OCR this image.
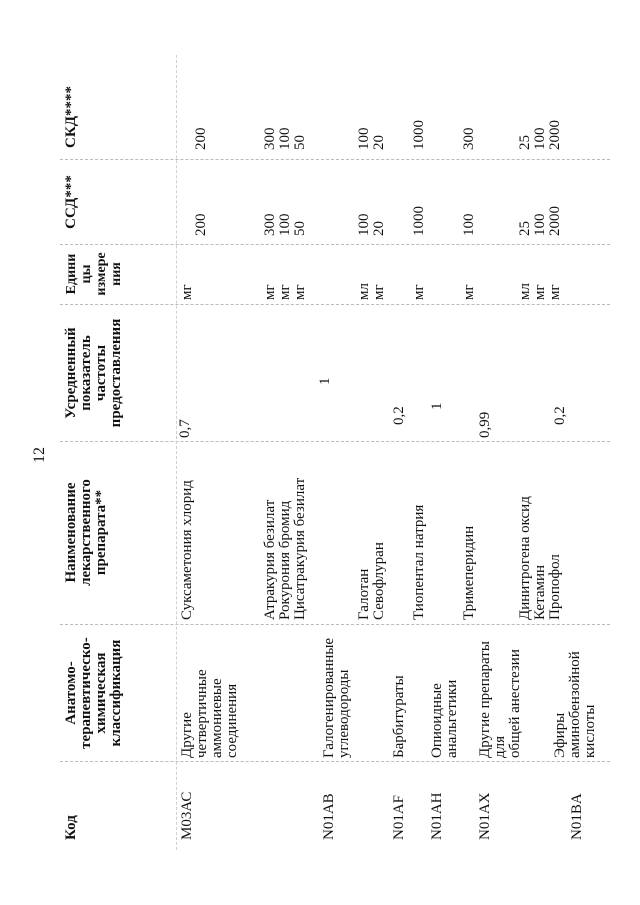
12
Код
Анатомо-
терапевтическо-
химическая
классификация
Наименование лекарственного
препарата**
Усредненный
показатель
частоты
предоставления
Едини
цы
измере
ния
ССД***
СКД****
М03АС
Другие четвертичные
аммониевые
соединения
0,7
Суксаметония хлорид
мг
200
200
Атракурия безилат
мг
300
300
Рокурония бромид
мг
100
100
Цисатракурия безилат
мг
50
50
N01AB
Галогенированные
углеводороды
1
Галотан
мл
100
100
Севофлуран
мг
20
20
N01AF
Барбитураты
0,2
Тиопентал натрия
мг
1000
1000
N01AH
Опиоидные
анальгетики
1
Тримеперидин
мг
100
300
N01AX
Другие препараты для
общей анестезии
0,99
Динитрогена оксид
мл
25
25
Кетамин
мг
100
100
Пропофол
мг
2000
2000
N01BA
Эфиры
аминобензойной
кислоты
0,2
